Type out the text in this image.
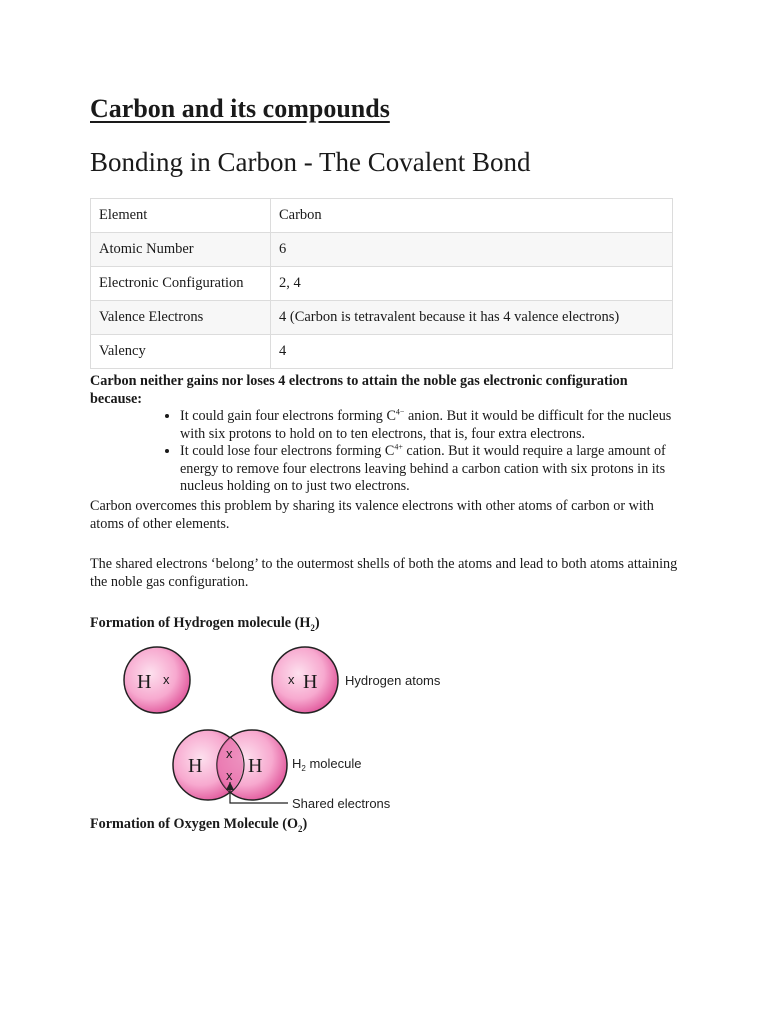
Carbon and its compounds
Bonding in Carbon - The Covalent Bond
Element	Carbon
Atomic Number	6
Electronic Configuration	2, 4
Valence Electrons	4 (Carbon is tetravalent because it has 4 valence electrons)
Valency	4

Carbon neither gains nor loses 4 electrons to attain the noble gas electronic configuration because:

• It could gain four electrons forming $C^{4-}$ anion. But it would be difficult for the nucleus with six protons to hold on to ten electrons, that is, four extra electrons.
• It could lose four electrons forming $C^{4+}$ cation. But it would require a large amount of energy to remove four electrons leaving behind a carbon cation with six protons in its nucleus holding on to just two electrons.

Carbon overcomes this problem by sharing its valence electrons with other atoms of carbon or with atoms of other elements.

The shared electrons ‘belong’ to the outermost shells of both the atoms and lead to both atoms attaining the noble gas configuration.

Formation of Hydrogen molecule $(H_2)$

Formation of Oxygen Molecule $(O_2)$

H x	x H Hydrogen atoms
H H
x
x
$H_2$ molecule
Shared electrons
